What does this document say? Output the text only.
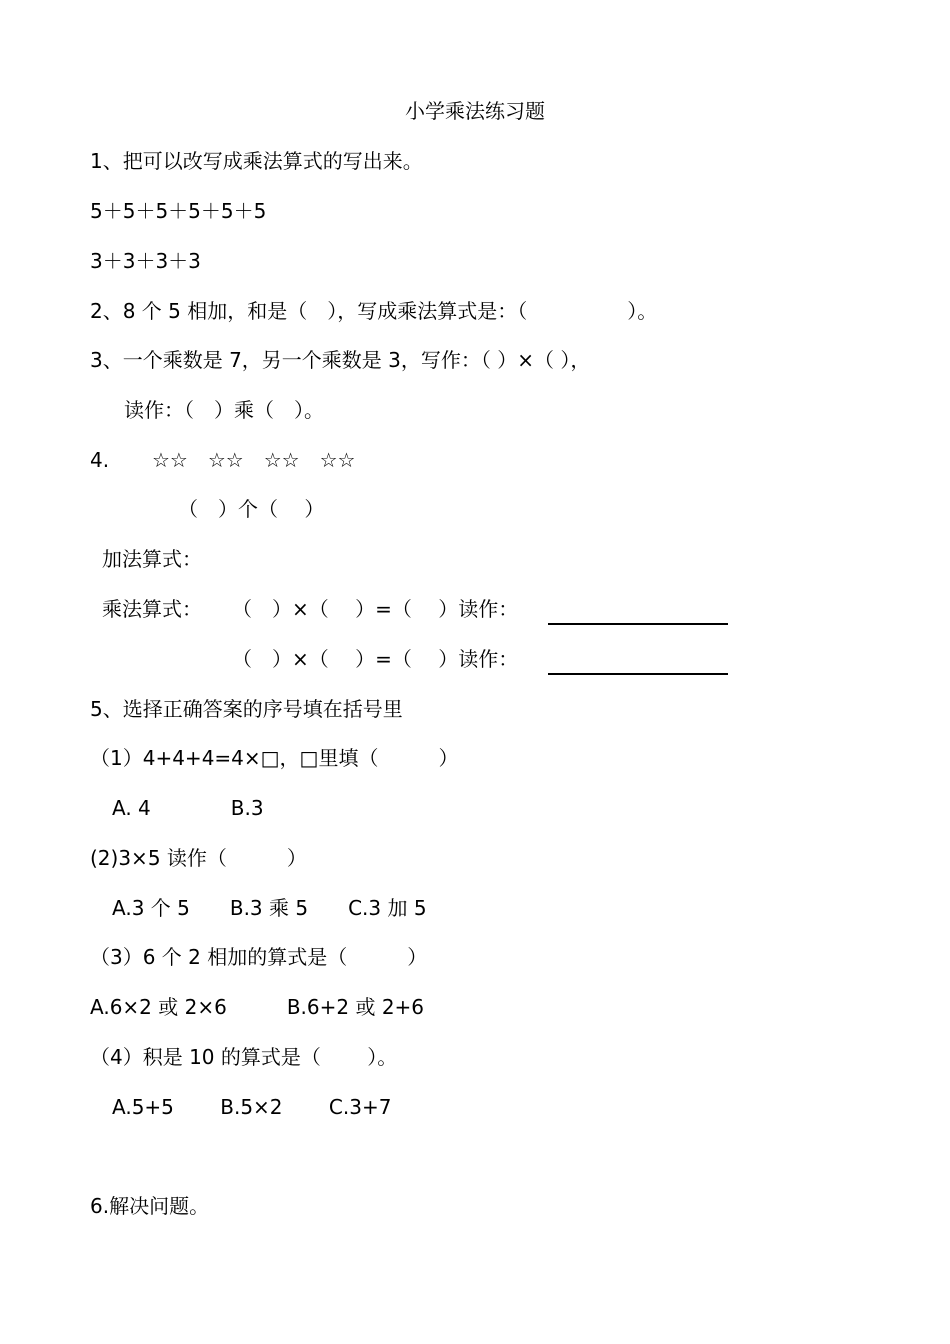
小学乘法练习题
1、把可以改写成乘法算式的写出来。
5＋5＋5＋5＋5＋5
3＋3＋3＋3
2、8 个 5 相加，和是（　），写成乘法算式是：（　　　　　）。
3、一个乘数是 7，另一个乘数是 3，写作：（ ）×（ ），
读作：（　）乘（　）。
4. ☆☆　☆☆　☆☆　☆☆
（　）个（　 ）
加法算式：
乘法算式： （　）×（　 ）=（　 ）读作：
（　）×（　 ）=（　 ）读作：
5、选择正确答案的序号填在括号里
（1）4+4+4=4×□，□里填（　　　）
A. 4　　　　B.3
(2)3×5 读作（　　　）
A.3 个 5　　B.3 乘 5　　C.3 加 5
（3）6 个 2 相加的算式是（　　　）
A.6×2 或 2×6　　　B.6+2 或 2+6
（4）积是 10 的算式是（　　 ）。
A.5+5　　 B.5×2　　 C.3+7
6.解决问题。
